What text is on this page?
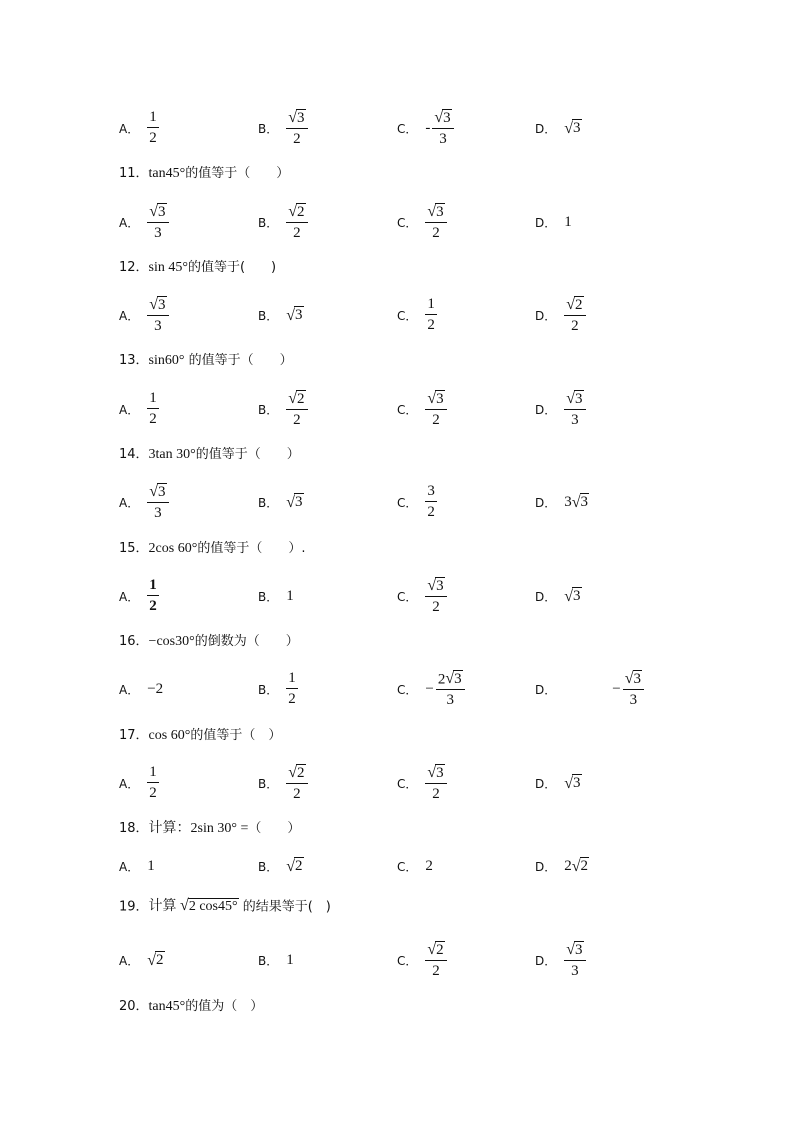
A． $\frac{1}{2}$	B． $\frac{√ 3}{2}$	C． - $\frac{√ 3}{3}$	D． √ 3
A． $\frac{√ 3}{3}$	B． $\frac{√ 2}{2}$	C． $\frac{√ 3}{2}$	D． 1
A． $\frac{√ 3}{3}$	B． √ 3	C． $\frac{1}{2}$	D． $\frac{√ 2}{2}$
A． $\frac{1}{2}$	B． $\frac{√ 2}{2}$	C． $\frac{√ 3}{2}$	D． $\frac{√ 3}{3}$
A． $\frac{√ 3}{3}$	B． √ 3	C． $\frac{3}{2}$	D． 3 √ 3
A． $\frac{1}{2}$	B． 1	C． $\frac{√ 3}{2}$	D． √ 3
A． −2	B． $\frac{1}{2}$	C． − $\frac{2 √ 3}{3}$	D．	− $\frac{√ 3}{3}$
A． $\frac{1}{2}$	B． $\frac{√ 2}{2}$	C． $\frac{√ 3}{2}$	D． √ 3
A． 1	B． √ 2	C． 2	D． 2 √ 2
A． √ 2	B． 1	C． $\frac{√ 2}{2}$	D． $\frac{√ 3}{3}$
11．tan45°的值等于（　　）
12．sin 45°的值等于(　　)
13．sin60° 的值等于（　　）
14．3tan 30°的值等于（　　）
15．2cos 60°的值等于（　　）.
16．−cos30°的倒数为（　　）
17．cos 60°的值等于（　）
18．计算：2sin 30° =（　　）
19．计算 √ 2 cos45° 的结果等于(　)
20．tan45°的值为（　）
